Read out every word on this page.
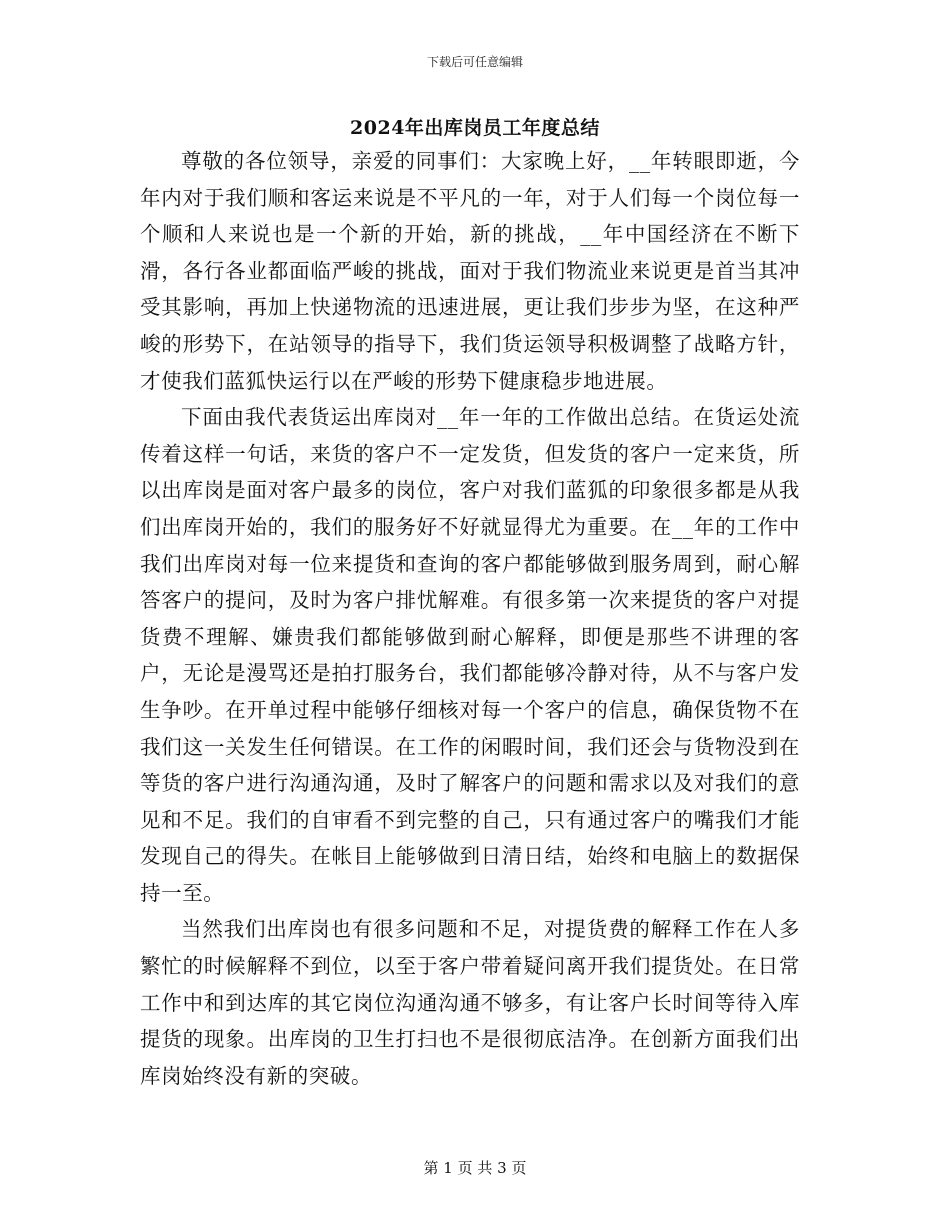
下载后可任意编辑
2024年出库岗员工年度总结

尊敬的各位领导，亲爱的同事们：大家晚上好，__年转眼即逝，今年内对于我们顺和客运来说是不平凡的一年，对于人们每一个岗位每一个顺和人来说也是一个新的开始，新的挑战，__年中国经济在不断下滑，各行各业都面临严峻的挑战，面对于我们物流业来说更是首当其冲受其影响，再加上快递物流的迅速进展，更让我们步步为坚，在这种严峻的形势下，在站领导的指导下，我们货运领导积极调整了战略方针，才使我们蓝狐快运行以在严峻的形势下健康稳步地进展。

下面由我代表货运出库岗对__年一年的工作做出总结。在货运处流传着这样一句话，来货的客户不一定发货，但发货的客户一定来货，所以出库岗是面对客户最多的岗位，客户对我们蓝狐的印象很多都是从我们出库岗开始的，我们的服务好不好就显得尤为重要。在__年的工作中我们出库岗对每一位来提货和查询的客户都能够做到服务周到，耐心解答客户的提问，及时为客户排忧解难。有很多第一次来提货的客户对提货费不理解、嫌贵我们都能够做到耐心解释，即便是那些不讲理的客户，无论是漫骂还是拍打服务台，我们都能够冷静对待，从不与客户发生争吵。在开单过程中能够仔细核对每一个客户的信息，确保货物不在我们这一关发生任何错误。在工作的闲暇时间，我们还会与货物没到在等货的客户进行沟通沟通，及时了解客户的问题和需求以及对我们的意见和不足。我们的自审看不到完整的自己，只有通过客户的嘴我们才能发现自己的得失。在帐目上能够做到日清日结，始终和电脑上的数据保持一至。

当然我们出库岗也有很多问题和不足，对提货费的解释工作在人多繁忙的时候解释不到位，以至于客户带着疑问离开我们提货处。在日常工作中和到达库的其它岗位沟通沟通不够多，有让客户长时间等待入库提货的现象。出库岗的卫生打扫也不是很彻底洁净。在创新方面我们出库岗始终没有新的突破。

第 1 页 共 3 页
